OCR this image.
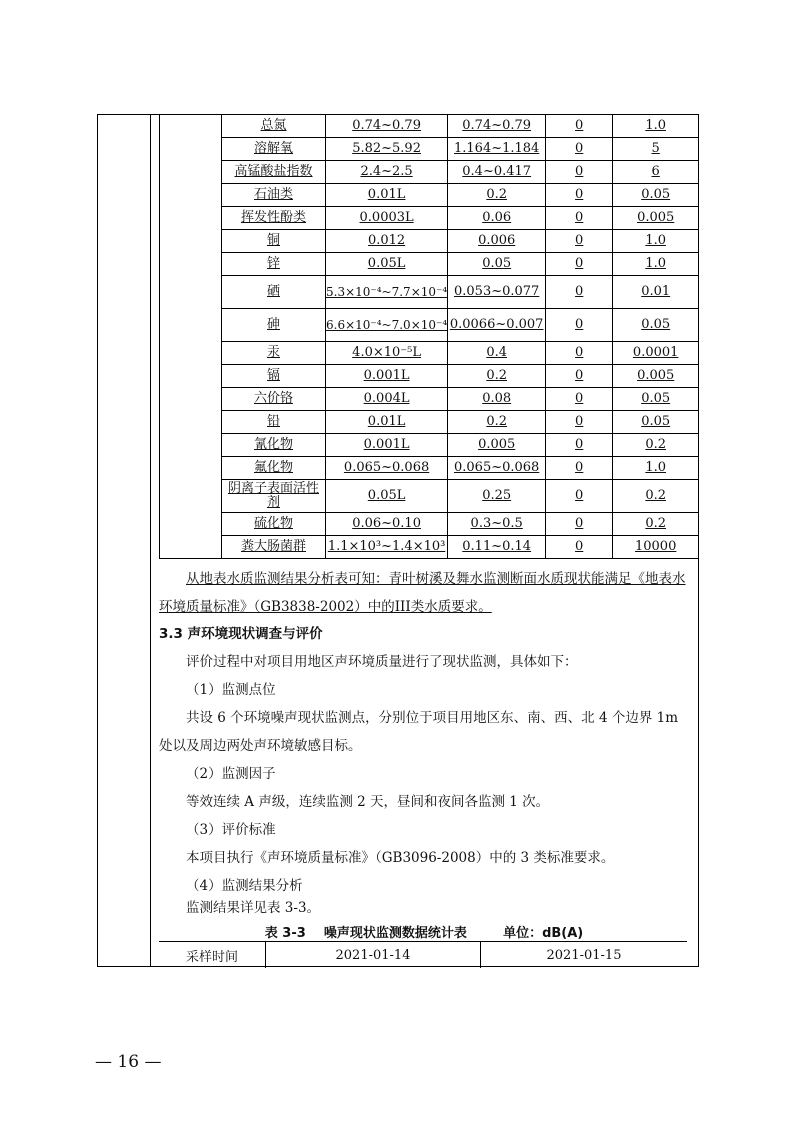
	总氮	0.74~0.79	0.74~0.79	0	1.0
	溶解氧	5.82~5.92	1.164~1.184	0	5
	高锰酸盐指数	2.4~2.5	0.4~0.417	0	6
	石油类	0.01L	0.2	0	0.05
	挥发性酚类	0.0003L	0.06	0	0.005
	铜	0.012	0.006	0	1.0
	锌	0.05L	0.05	0	1.0
	硒	5.3×10⁻⁴~7.7×10⁻⁴	0.053~0.077	0	0.01
	砷	6.6×10⁻⁴~7.0×10⁻⁴	0.0066~0.007	0	0.05
	汞	4.0×10⁻⁵L	0.4	0	0.0001
	镉	0.001L	0.2	0	0.005
	六价铬	0.004L	0.08	0	0.05
	铅	0.01L	0.2	0	0.05
	氰化物	0.001L	0.005	0	0.2
	氟化物	0.065~0.068	0.065~0.068	0	1.0
	阴离子表面活性剂	0.05L	0.25	0	0.2
	硫化物	0.06~0.10	0.3~0.5	0	0.2
	粪大肠菌群	1.1×10³~1.4×10³	0.11~0.14	0	10000

从地表水质监测结果分析表可知：青叶树溪及舞水监测断面水质现状能满足《地表水环境质量标准》（GB3838-2002）中的III类水质要求。

3.3 声环境现状调查与评价

评价过程中对项目用地区声环境质量进行了现状监测，具体如下：

（1）监测点位

共设 6 个环境噪声现状监测点，分别位于项目用地区东、南、西、北 4 个边界 1m 处以及周边两处声环境敏感目标。

（2）监测因子

等效连续 A 声级，连续监测 2 天，昼间和夜间各监测 1 次。

（3）评价标准

本项目执行《声环境质量标准》（GB3096-2008）中的 3 类标准要求。

（4）监测结果分析

监测结果详见表 3-3。

表 3-3    噪声现状监测数据统计表        单位：dB(A)
采样时间	2021-01-14	2021-01-15
— 16 —
